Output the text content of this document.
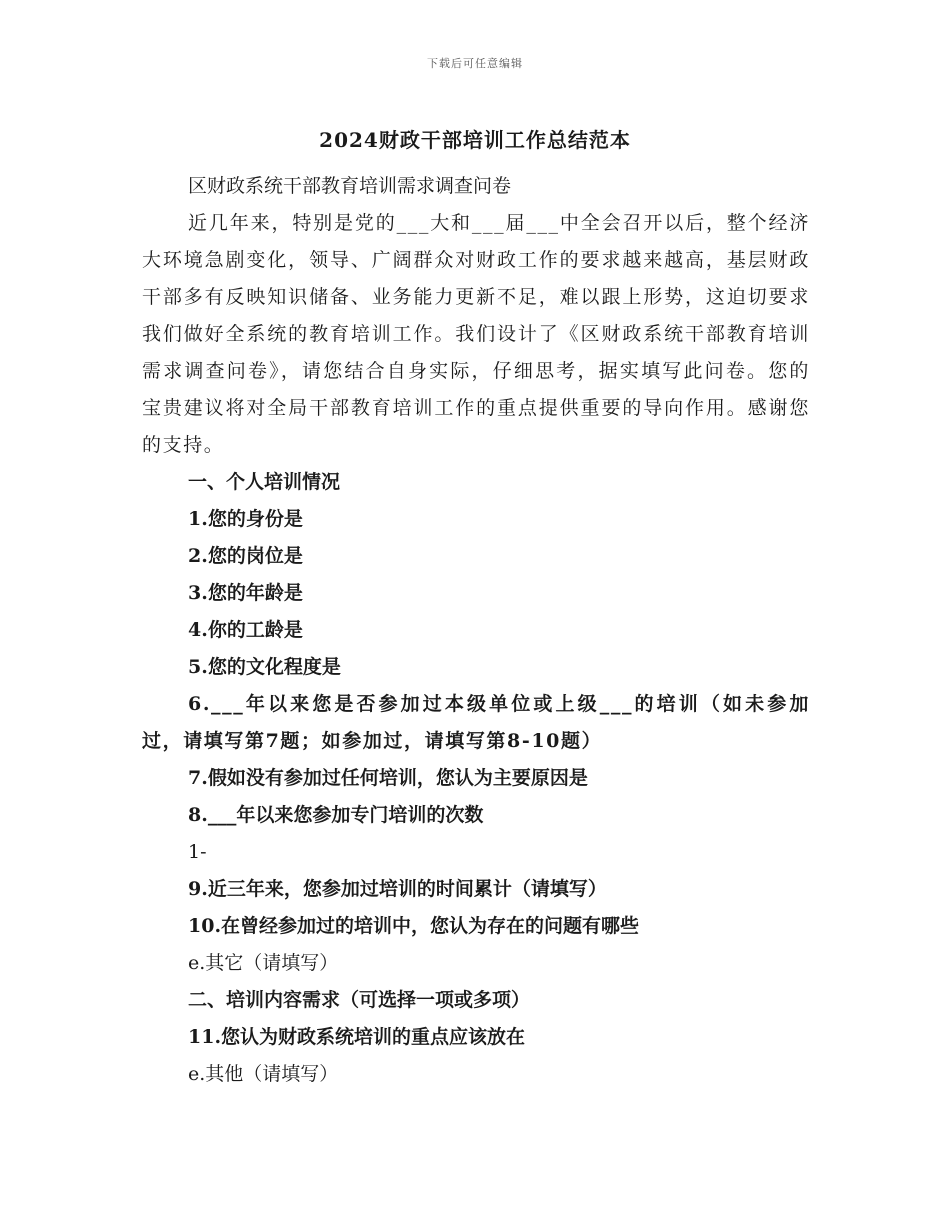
下载后可任意编辑
2024财政干部培训工作总结范本

区财政系统干部教育培训需求调查问卷

近几年来，特别是党的___大和___届___中全会召开以后，整个经济大环境急剧变化，领导、广阔群众对财政工作的要求越来越高，基层财政干部多有反映知识储备、业务能力更新不足，难以跟上形势，这迫切要求我们做好全系统的教育培训工作。我们设计了《区财政系统干部教育培训需求调查问卷》，请您结合自身实际，仔细思考，据实填写此问卷。您的宝贵建议将对全局干部教育培训工作的重点提供重要的导向作用。感谢您的支持。

一、个人培训情况

1.您的身份是

2.您的岗位是

3.您的年龄是

4.你的工龄是

5.您的文化程度是

6.___年以来您是否参加过本级单位或上级___的培训（如未参加过，请填写第7题；如参加过，请填写第8-10题）

7.假如没有参加过任何培训，您认为主要原因是

8.___年以来您参加专门培训的次数

1-

9.近三年来，您参加过培训的时间累计（请填写）

10.在曾经参加过的培训中，您认为存在的问题有哪些

e.其它（请填写）

二、培训内容需求（可选择一项或多项）

11.您认为财政系统培训的重点应该放在

e.其他（请填写）
